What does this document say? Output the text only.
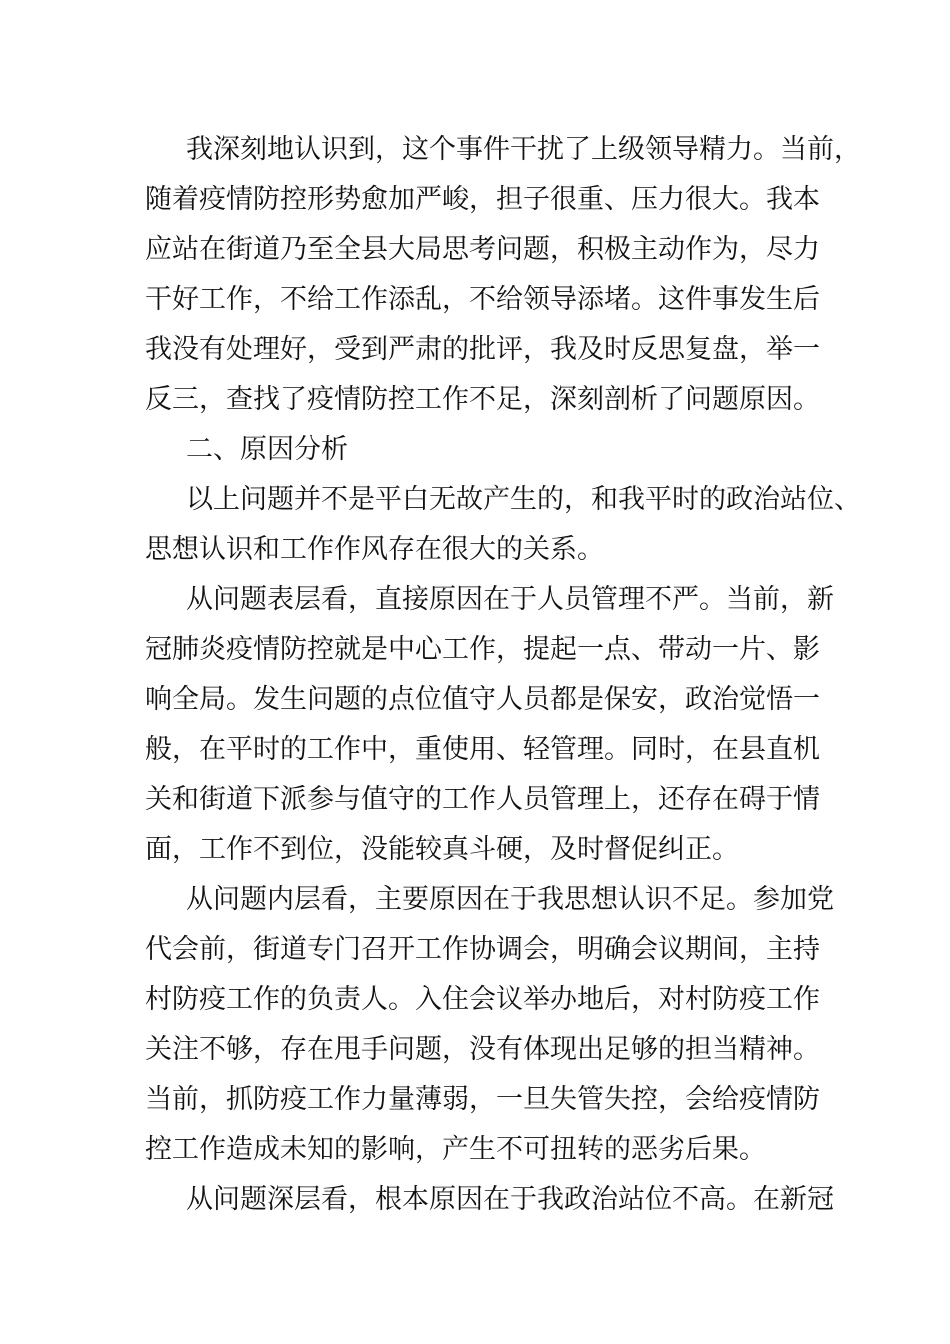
我深刻地认识到，这个事件干扰了上级领导精力。当前，
随着疫情防控形势愈加严峻，担子很重、压力很大。我本
应站在街道乃至全县大局思考问题，积极主动作为，尽力
干好工作，不给工作添乱，不给领导添堵。这件事发生后
我没有处理好，受到严肃的批评，我及时反思复盘，举一
反三，查找了疫情防控工作不足，深刻剖析了问题原因。
二、原因分析
以上问题并不是平白无故产生的，和我平时的政治站位、
思想认识和工作作风存在很大的关系。
从问题表层看，直接原因在于人员管理不严。当前，新
冠肺炎疫情防控就是中心工作，提起一点、带动一片、影
响全局。发生问题的点位值守人员都是保安，政治觉悟一
般，在平时的工作中，重使用、轻管理。同时，在县直机
关和街道下派参与值守的工作人员管理上，还存在碍于情
面，工作不到位，没能较真斗硬，及时督促纠正。
从问题内层看，主要原因在于我思想认识不足。参加党
代会前，街道专门召开工作协调会，明确会议期间，主持
村防疫工作的负责人。入住会议举办地后，对村防疫工作
关注不够，存在甩手问题，没有体现出足够的担当精神。
当前，抓防疫工作力量薄弱，一旦失管失控，会给疫情防
控工作造成未知的影响，产生不可扭转的恶劣后果。
从问题深层看，根本原因在于我政治站位不高。在新冠
